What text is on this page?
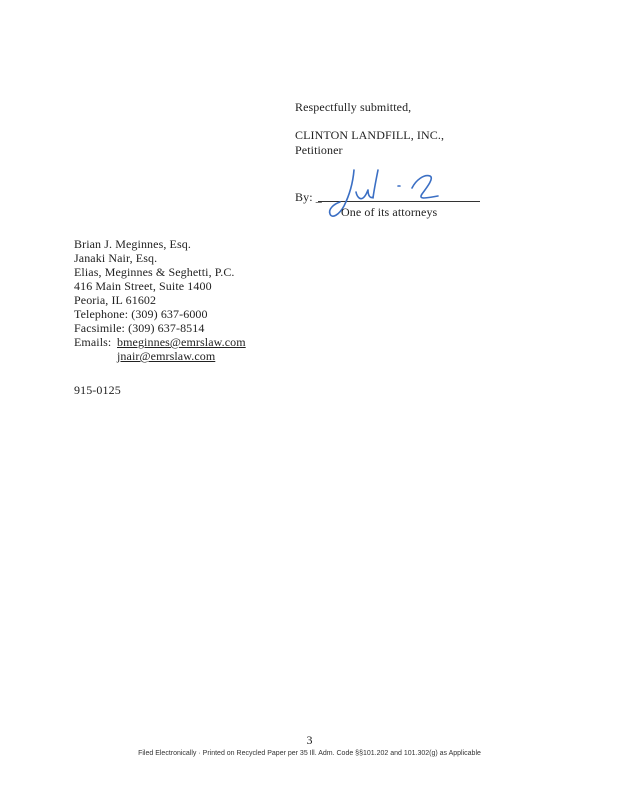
Respectfully submitted,
CLINTON LANDFILL, INC.,
Petitioner
By: _
One of its attorneys
Brian J. Meginnes, Esq.
Janaki Nair, Esq.
Elias, Meginnes & Seghetti, P.C.
416 Main Street, Suite 1400
Peoria, IL 61602
Telephone: (309) 637-6000
Facsimile: (309) 637-8514
Emails: bmeginnes@emrslaw.com
jnair@emrslaw.com
915-0125
3
Filed Electronically · Printed on Recycled Paper per 35 Ill. Adm. Code §§101.202 and 101.302(g) as Applicable
